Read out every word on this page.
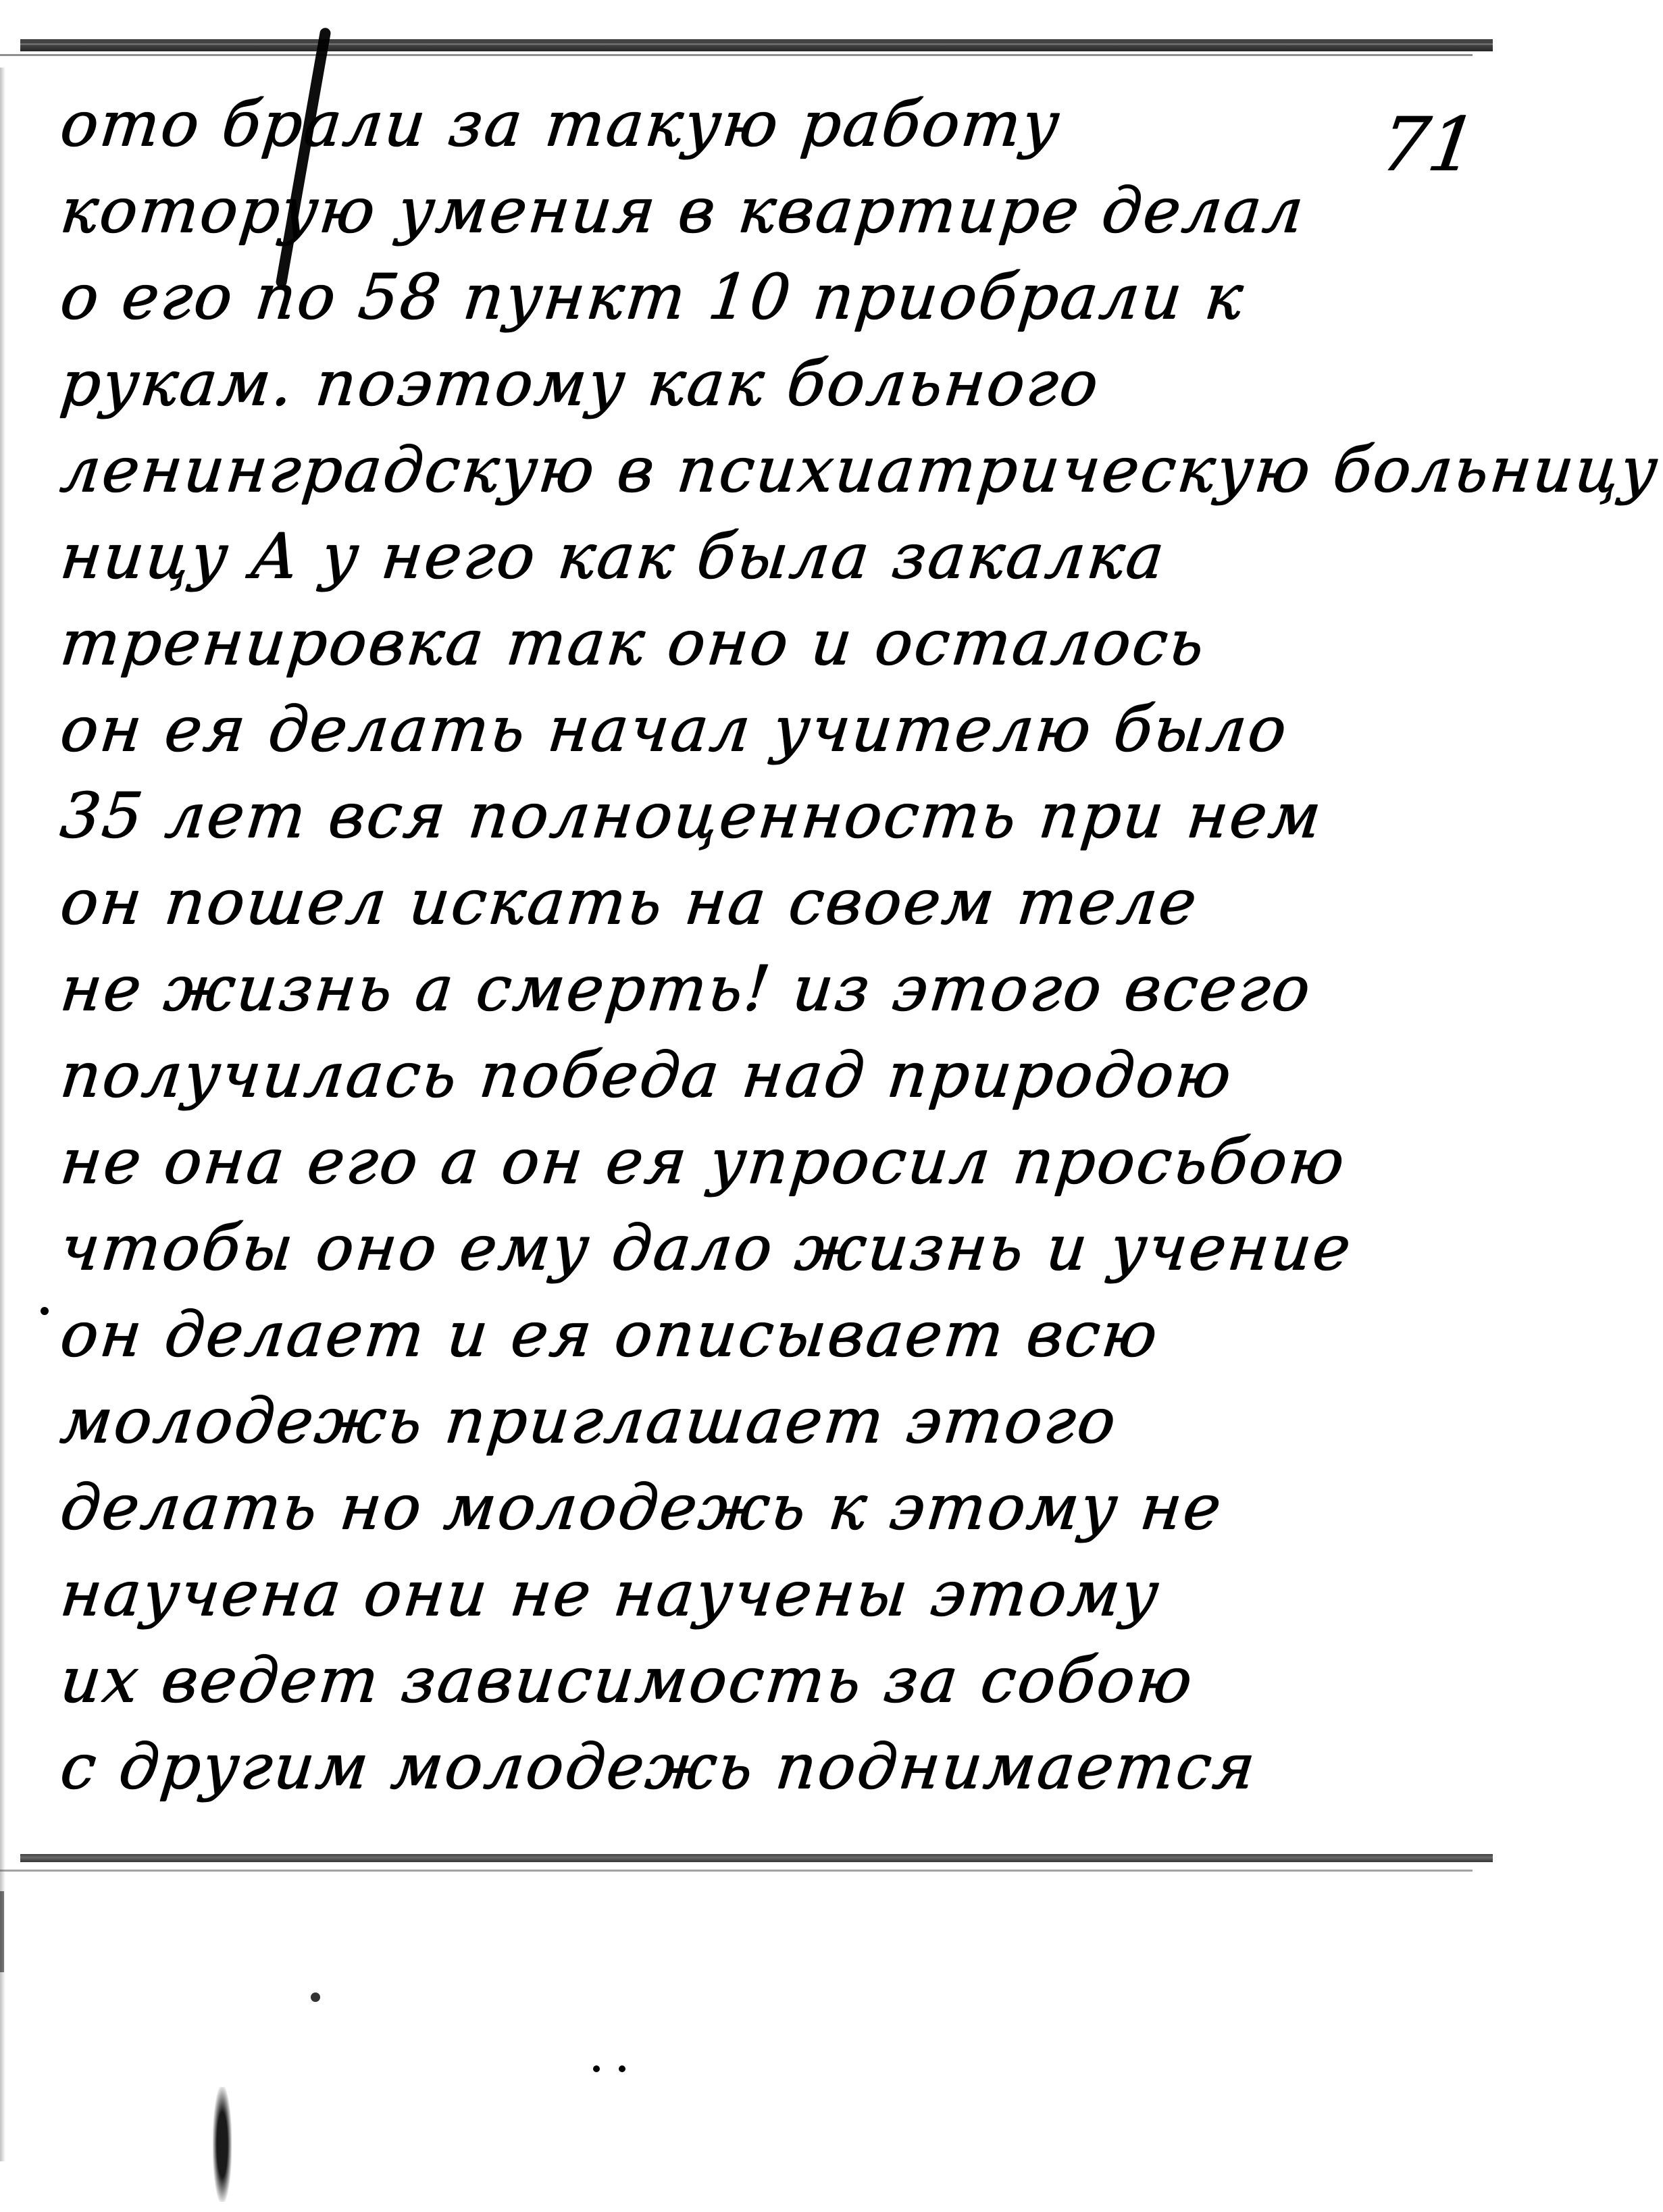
71
ото брали за такую работу
которую умения в квартире делал
о его по 58 пункт 10 приобрали к
рукам. поэтому как больного
ленинградскую в психиатрическую больницу
ницу А у него как была закалка
тренировка так оно и осталось
он ея делать начал учителю было
35 лет вся полноценность при нем
он пошел искать на своем теле
не жизнь а смерть! из этого всего
получилась победа над природою
не она его а он ея упросил просьбою
чтобы оно ему дало жизнь и учение
он делает и ея описывает всю
молодежь приглашает этого
делать но молодежь к этому не
научена они не научены этому
их ведет зависимость за собою
с другим молодежь поднимается
